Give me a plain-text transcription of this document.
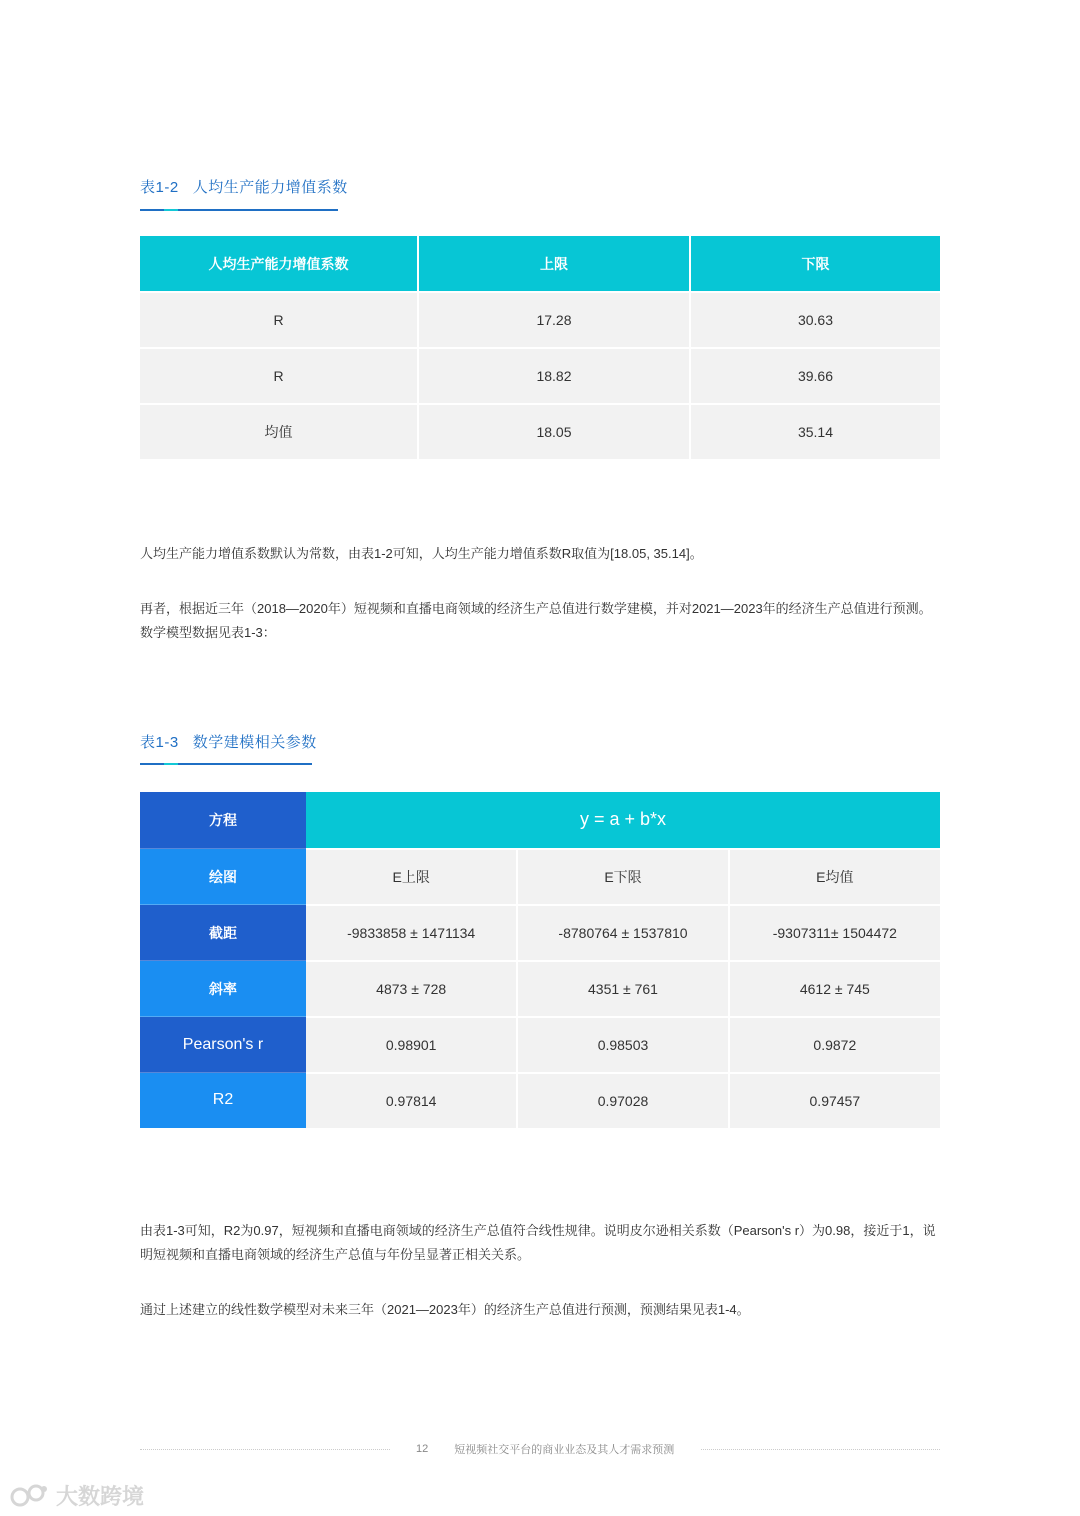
表1-2 人均生产能力增值系数
人均生产能力增值系数	上限	下限
R	17.28	30.63
R	18.82	39.66
均值	18.05	35.14
人均生产能力增值系数默认为常数，由表1-2可知，人均生产能力增值系数R取值为[18.05, 35.14]。
再者，根据近三年（2018—2020年）短视频和直播电商领域的经济生产总值进行数学建模，并对2021—2023年的经济生产总值进行预测。数学模型数据见表1-3：
表1-3 数学建模相关参数
方程	y = a + b*x		
绘图	E上限	E下限	E均值
截距	-9833858 ± 1471134	-8780764 ± 1537810	-9307311± 1504472
斜率	4873 ± 728	4351 ± 761	4612 ± 745
Pearson's r	0.98901	0.98503	0.9872
R2	0.97814	0.97028	0.97457
由表1-3可知，R2为0.97，短视频和直播电商领域的经济生产总值符合线性规律。说明皮尔逊相关系数（Pearson's r）为0.98，接近于1，说明短视频和直播电商领域的经济生产总值与年份呈显著正相关关系。
通过上述建立的线性数学模型对未来三年（2021—2023年）的经济生产总值进行预测，预测结果见表1-4。
12 短视频社交平台的商业业态及其人才需求预测
大数跨境
